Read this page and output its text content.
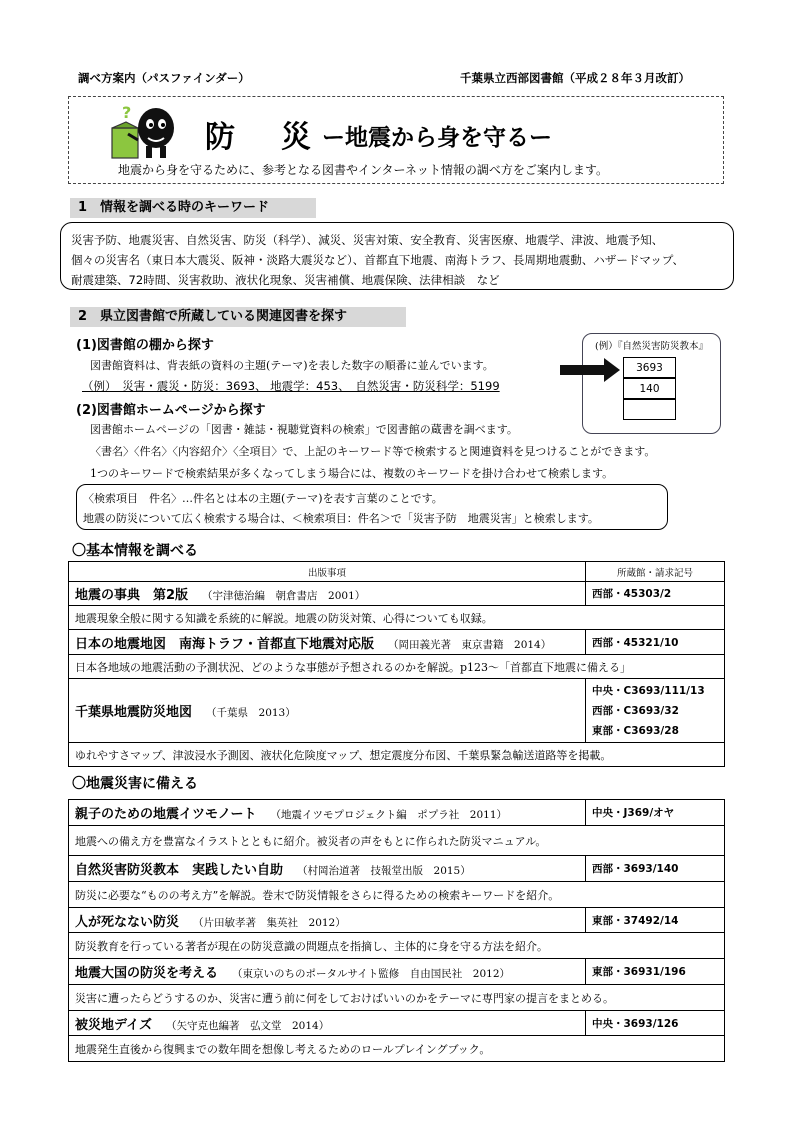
調べ方案内（パスファインダー）	千葉県立西部図書館（平成２８年３月改訂）
?
防　災 ー地震から身を守るー
地震から身を守るために、参考となる図書やインターネット情報の調べ方をご案内します。
1　情報を調べる時のキーワード
災害予防、地震災害、自然災害、防災（科学）、減災、災害対策、安全教育、災害医療、地震学、津波、地震予知、
個々の災害名（東日本大震災、阪神・淡路大震災など）、首都直下地震、南海トラフ、長周期地震動、ハザードマップ、
耐震建築、72時間、災害救助、液状化現象、災害補償、地震保険、法律相談　など
2　県立図書館で所蔵している関連図書を探す
(1)図書館の棚から探す
図書館資料は、背表紙の資料の主題(テーマ)を表した数字の順番に並んでいます。
（例）　災害・震災・防災：3693、 地震学：453、　自然災害・防災科学：5199
(2)図書館ホームページから探す
図書館ホームページの「図書・雑誌・視聴覚資料の検索」で図書館の蔵書を調べます。
〈書名〉〈件名〉〈内容紹介〉〈全項目〉で、上記のキーワード等で検索すると関連資料を見つけることができます。
1つのキーワードで検索結果が多くなってしまう場合には、複数のキーワードを掛け合わせて検索します。
(例）『自然災害防災教本』
3693
140
〈検索項目　件名〉…件名とは本の主題(テーマ)を表す言葉のことです。
地震の防災について広く検索する場合は、＜検索項目：件名＞で「災害予防　地震災害」と検索します。
〇基本情報を調べる
出版事項	所蔵館・請求記号
地震の事典　第2版 （宇津徳治編　朝倉書店　2001）	西部・45303/2
地震現象全般に関する知識を系統的に解説。地震の防災対策、心得についても収録。	
日本の地震地図　南海トラフ・首都直下地震対応版 （岡田義光著　東京書籍　2014）	西部・45321/10
日本各地域の地震活動の予測状況、どのような事態が予想されるのかを解説。p123～「首都直下地震に備える」	
千葉県地震防災地図 （千葉県　2013）	中央・C3693/111/13
西部・C3693/32
東部・C3693/28

ゆれやすさマップ、津波浸水予測図、液状化危険度マップ、想定震度分布図、千葉県緊急輸送道路等を掲載。	
〇地震災害に備える
親子のための地震イツモノート （地震イツモプロジェクト編　ポプラ社　2011）	中央・J369/オヤ
地震への備え方を豊富なイラストとともに紹介。被災者の声をもとに作られた防災マニュアル。	
自然災害防災教本　実践したい自助 （村岡治道著　技報堂出版　2015）	西部・3693/140
防災に必要な“ものの考え方”を解説。巻末で防災情報をさらに得るための検索キーワードを紹介。	
人が死なない防災 （片田敏孝著　集英社　2012）	東部・37492/14
防災教育を行っている著者が現在の防災意識の問題点を指摘し、主体的に身を守る方法を紹介。	
地震大国の防災を考える （東京いのちのポータルサイト監修　自由国民社　2012）	東部・36931/196
災害に遭ったらどうするのか、災害に遭う前に何をしておけばいいのかをテーマに専門家の提言をまとめる。	
被災地デイズ （矢守克也編著　弘文堂　2014）	中央・3693/126
地震発生直後から復興までの数年間を想像し考えるためのロールプレイングブック。	
